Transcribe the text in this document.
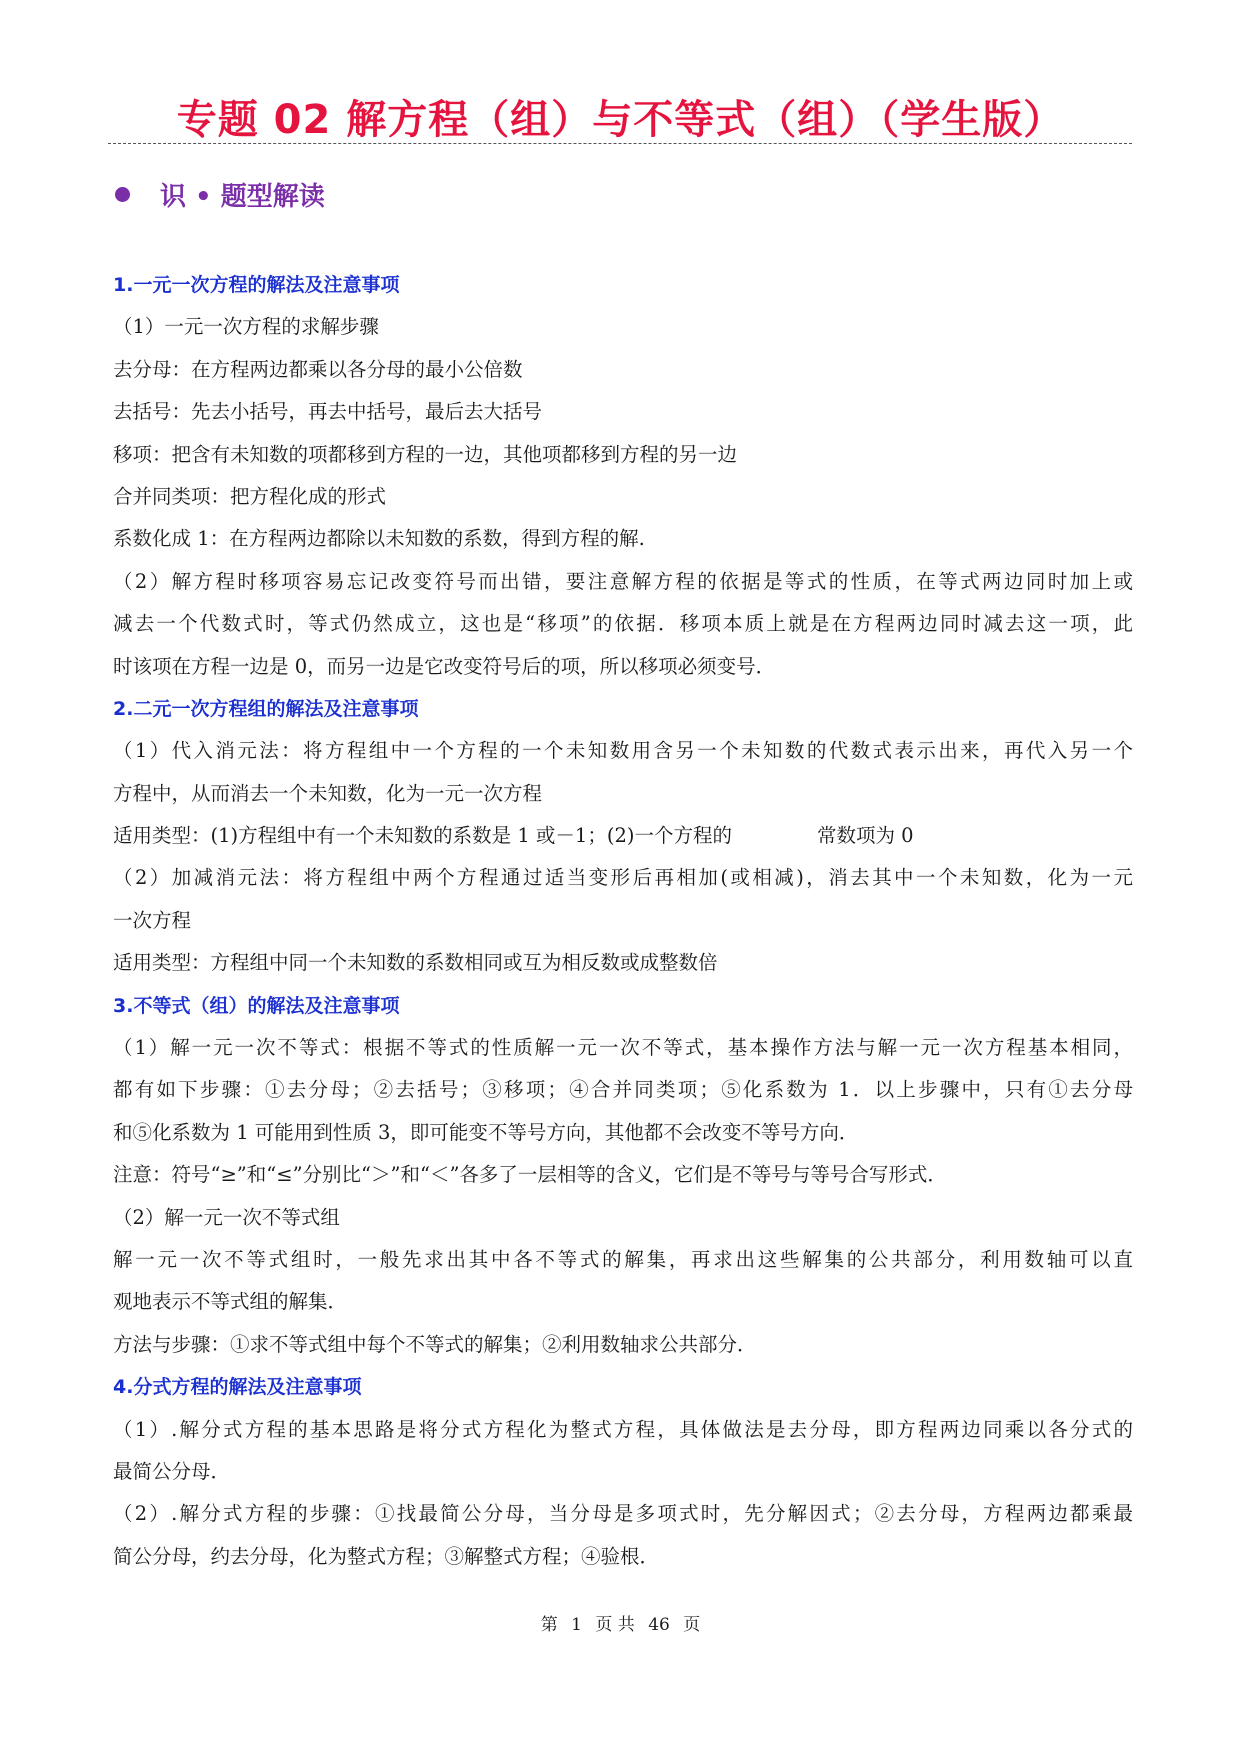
专题 02 解方程（组）与不等式（组）（学生版）
识 • 题型解读
1.一元一次方程的解法及注意事项
（1）一元一次方程的求解步骤
去分母：在方程两边都乘以各分母的最小公倍数
去括号：先去小括号，再去中括号，最后去大括号
移项：把含有未知数的项都移到方程的一边，其他项都移到方程的另一边
合并同类项：把方程化成的形式
系数化成 1：在方程两边都除以未知数的系数，得到方程的解.
（2）解方程时移项容易忘记改变符号而出错，要注意解方程的依据是等式的性质，在等式两边同时加上或
减去一个代数式时，等式仍然成立，这也是“移项”的依据．移项本质上就是在方程两边同时减去这一项，此
时该项在方程一边是 0，而另一边是它改变符号后的项，所以移项必须变号．
2.二元一次方程组的解法及注意事项
（1）代入消元法：将方程组中一个方程的一个未知数用含另一个未知数的代数式表示出来，再代入另一个
方程中，从而消去一个未知数，化为一元一次方程
适用类型：(1)方程组中有一个未知数的系数是 1 或－1；(2)一个方程的	常数项为 0
（2）加减消元法：将方程组中两个方程通过适当变形后再相加(或相减)，消去其中一个未知数，化为一元
一次方程
适用类型：方程组中同一个未知数的系数相同或互为相反数或成整数倍
3.不等式（组）的解法及注意事项
（1）解一元一次不等式：根据不等式的性质解一元一次不等式，基本操作方法与解一元一次方程基本相同，
都有如下步骤：①去分母；②去括号；③移项；④合并同类项；⑤化系数为 1．以上步骤中，只有①去分母
和⑤化系数为 1 可能用到性质 3，即可能变不等号方向，其他都不会改变不等号方向．
注意：符号“≥”和“≤”分别比“＞”和“＜”各多了一层相等的含义，它们是不等号与等号合写形式．
（2）解一元一次不等式组
解一元一次不等式组时，一般先求出其中各不等式的解集，再求出这些解集的公共部分，利用数轴可以直
观地表示不等式组的解集．
方法与步骤：①求不等式组中每个不等式的解集；②利用数轴求公共部分．
4.分式方程的解法及注意事项
（1）.解分式方程的基本思路是将分式方程化为整式方程，具体做法是去分母，即方程两边同乘以各分式的
最简公分母．
（2）.解分式方程的步骤：①找最简公分母，当分母是多项式时，先分解因式；②去分母，方程两边都乘最
简公分母，约去分母，化为整式方程；③解整式方程；④验根．
第 1 页 共 46 页
